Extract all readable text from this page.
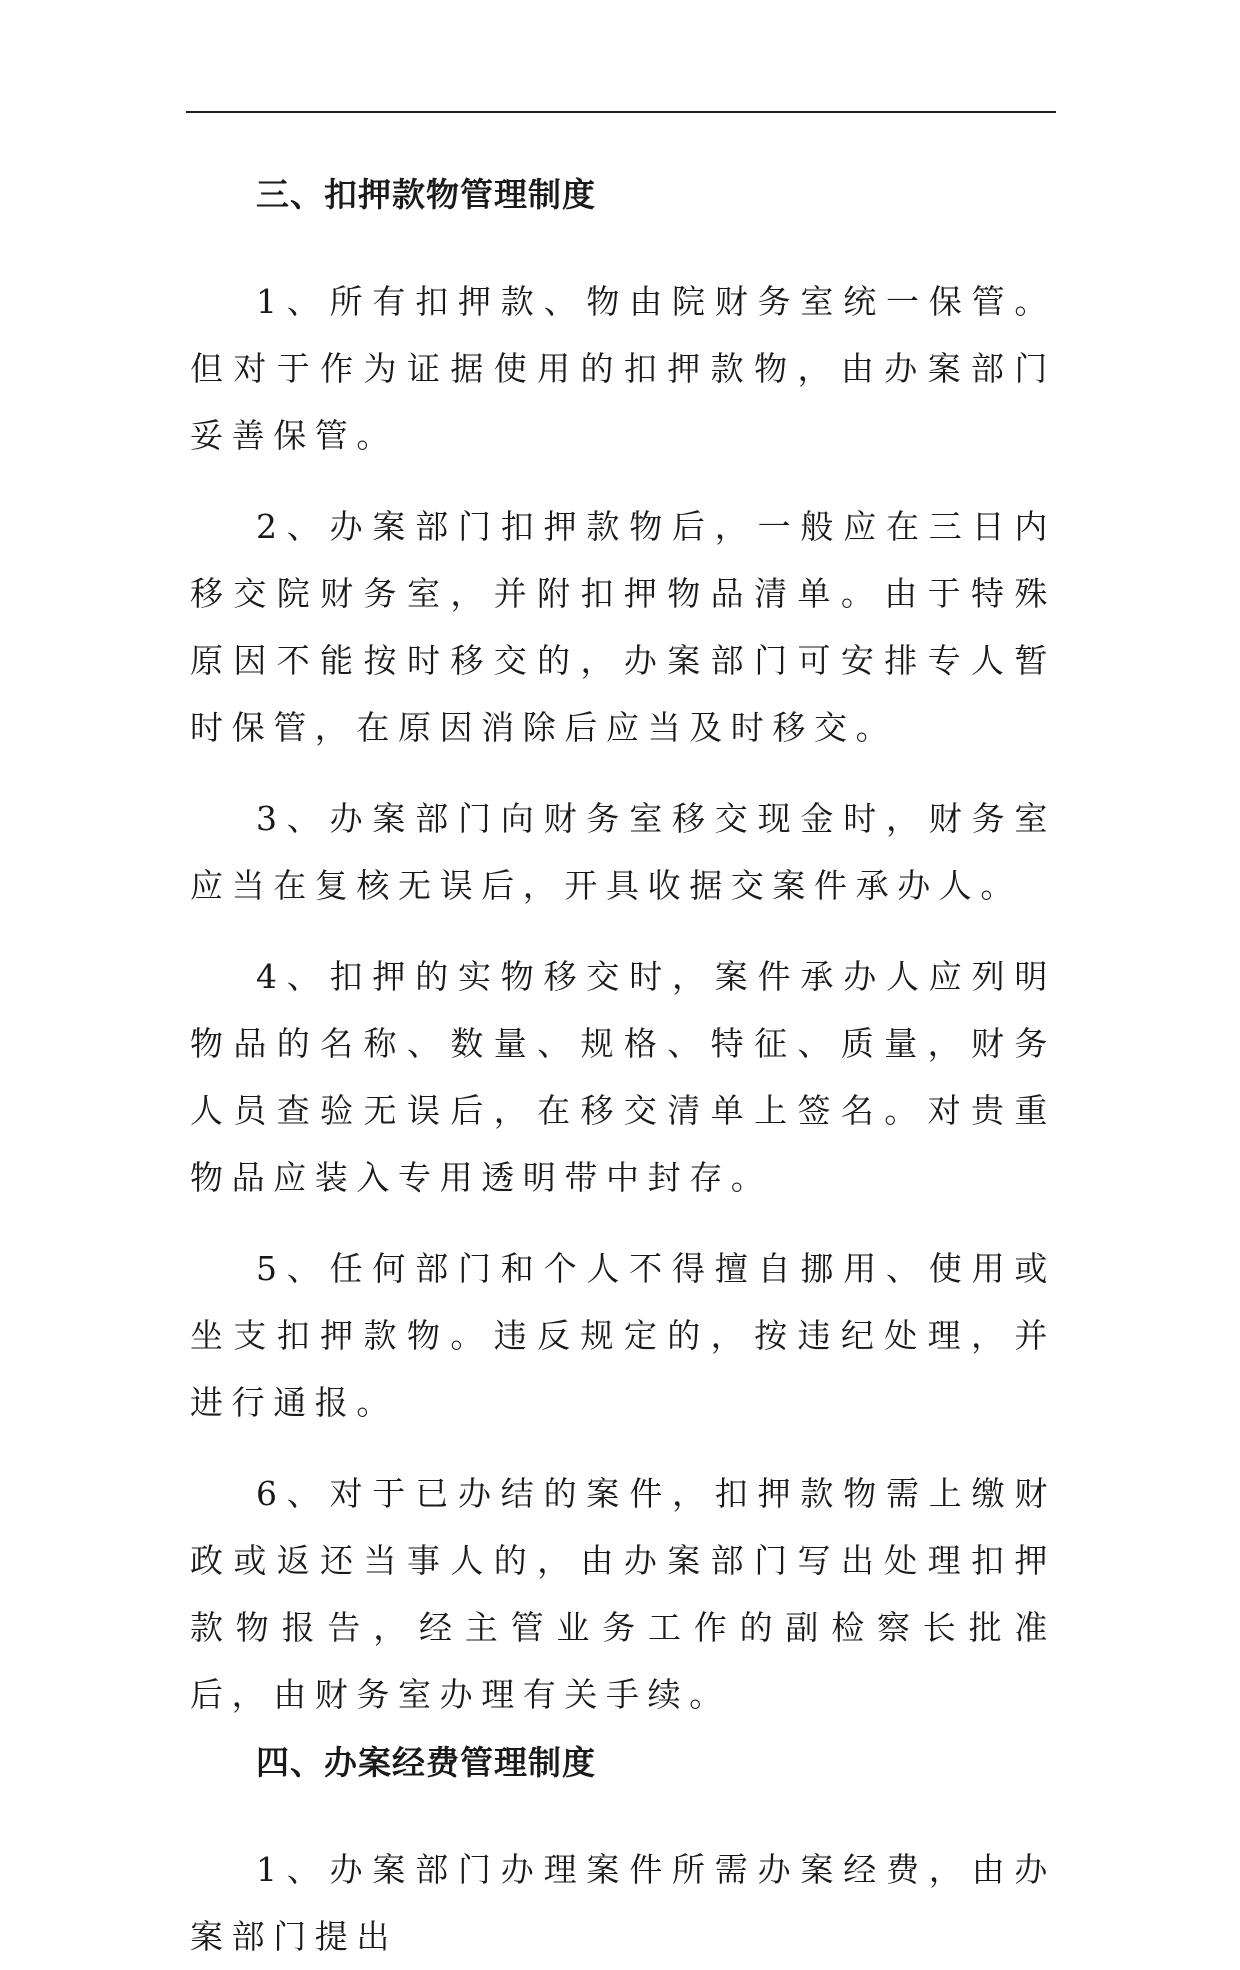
三、扣押款物管理制度

1、所有扣押款、物由院财务室统一保管。但对于作为证据使用的扣押款物，由办案部门妥善保管。

2、办案部门扣押款物后，一般应在三日内移交院财务室，并附扣押物品清单。由于特殊原因不能按时移交的，办案部门可安排专人暂时保管，在原因消除后应当及时移交。

3、办案部门向财务室移交现金时，财务室应当在复核无误后，开具收据交案件承办人。

4、扣押的实物移交时，案件承办人应列明物品的名称、数量、规格、特征、质量，财务人员查验无误后，在移交清单上签名。对贵重物品应装入专用透明带中封存。

5、任何部门和个人不得擅自挪用、使用或坐支扣押款物。违反规定的，按违纪处理，并进行通报。

6、对于已办结的案件，扣押款物需上缴财政或返还当事人的，由办案部门写出处理扣押款物报告，经主管业务工作的副检察长批准后，由财务室办理有关手续。

四、办案经费管理制度

1、办案部门办理案件所需办案经费，由办案部门提出
